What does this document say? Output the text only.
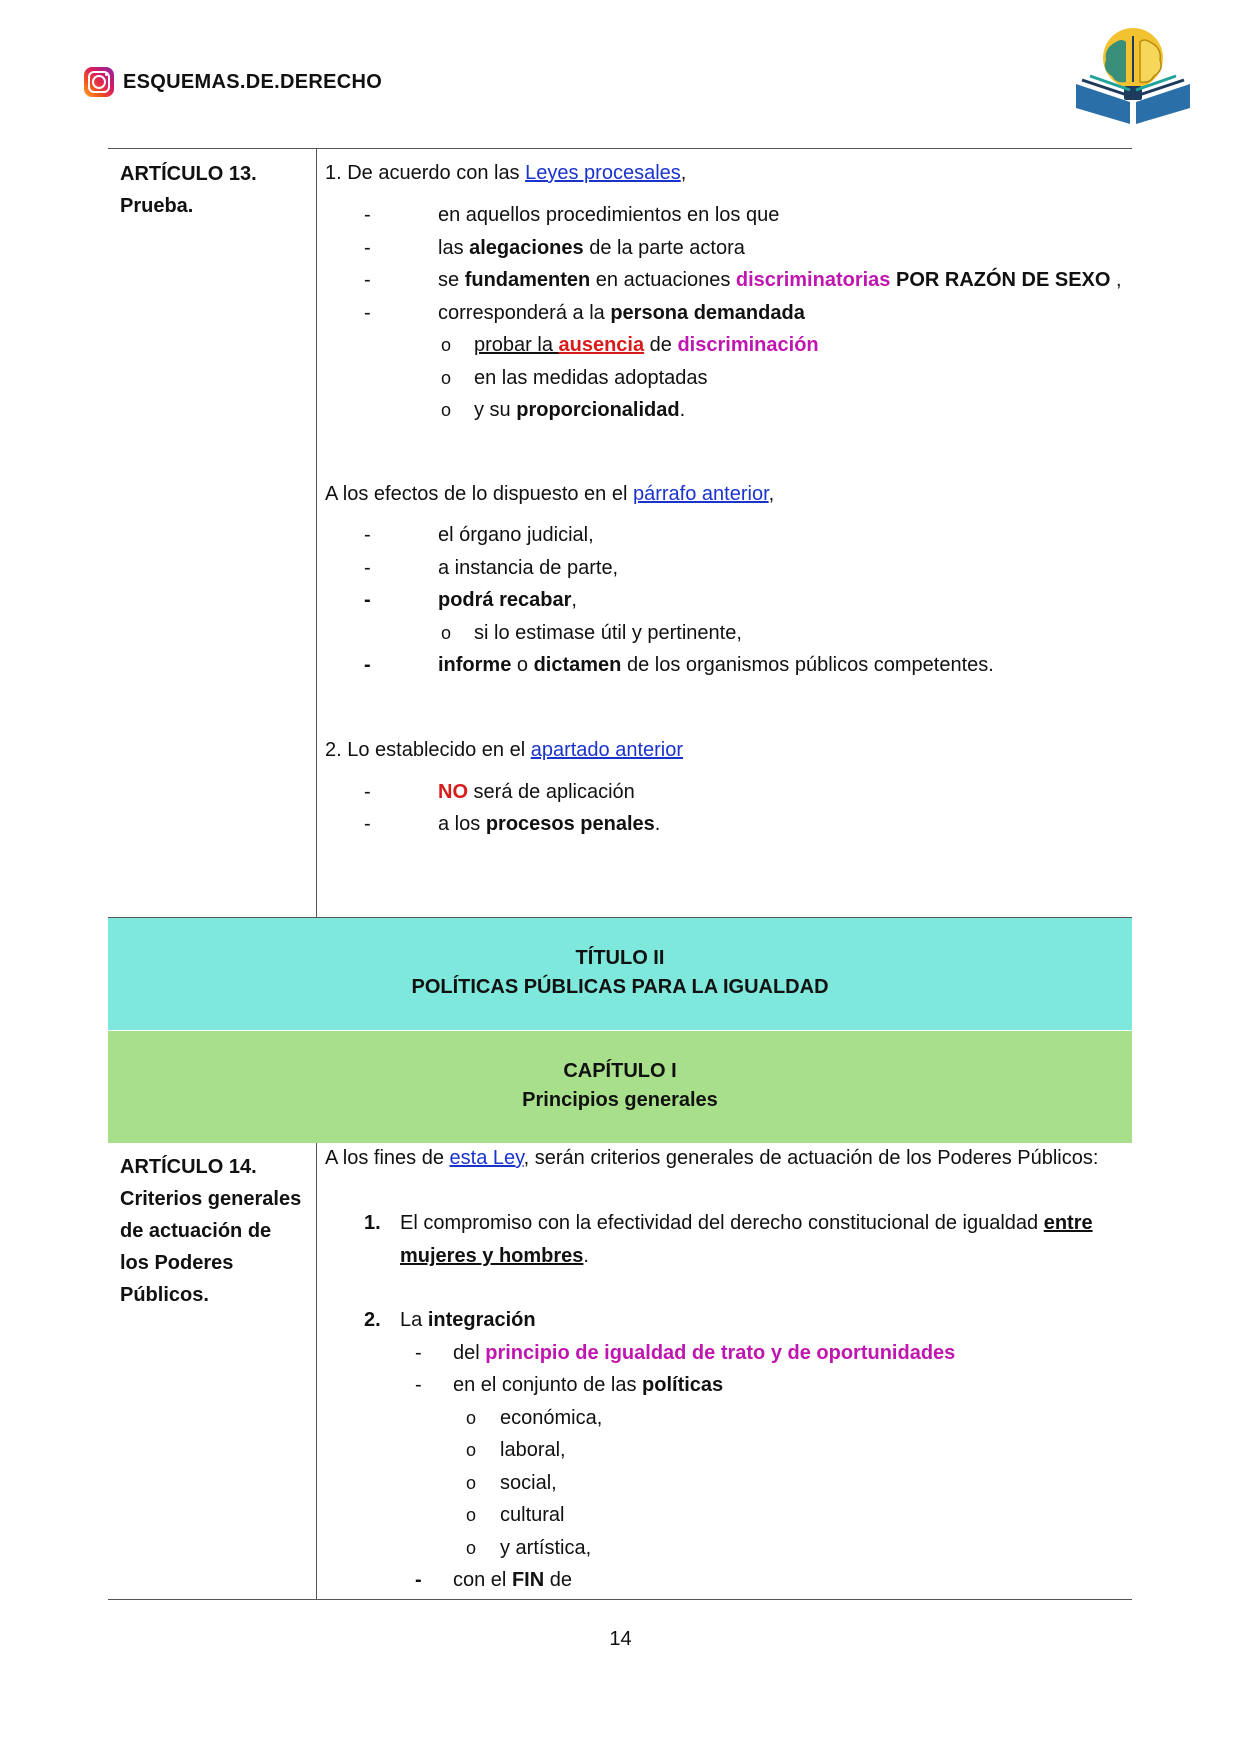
ESQUEMAS.DE.DERECHO
ARTÍCULO 13.
Prueba.
1. De acuerdo con las Leyes procesales,
-	en aquellos procedimientos en los que
-	las alegaciones de la parte actora
-	se fundamenten en actuaciones discriminatorias POR RAZÓN DE SEXO ,
-	corresponderá a la persona demandada
o probar la ausencia de discriminación
o en las medidas adoptadas
o y su proporcionalidad.
A los efectos de lo dispuesto en el párrafo anterior,
-	el órgano judicial,
-	a instancia de parte,
-	podrá recabar,
o si lo estimase útil y pertinente,
-	informe o dictamen de los organismos públicos competentes.
2. Lo establecido en el apartado anterior
-	NO será de aplicación
-	a los procesos penales.
TÍTULO II
POLÍTICAS PÚBLICAS PARA LA IGUALDAD
CAPÍTULO I
Principios generales
ARTÍCULO 14.
Criterios generales
de actuación de
los Poderes
Públicos.
A los fines de esta Ley, serán criterios generales de actuación de los Poderes Públicos:
1. El compromiso con la efectividad del derecho constitucional de igualdad entre
mujeres y hombres.
2. La integración
- del principio de igualdad de trato y de oportunidades
- en el conjunto de las políticas
o económica,
o laboral,
o social,
o cultural
o y artística,
- con el FIN de
14
